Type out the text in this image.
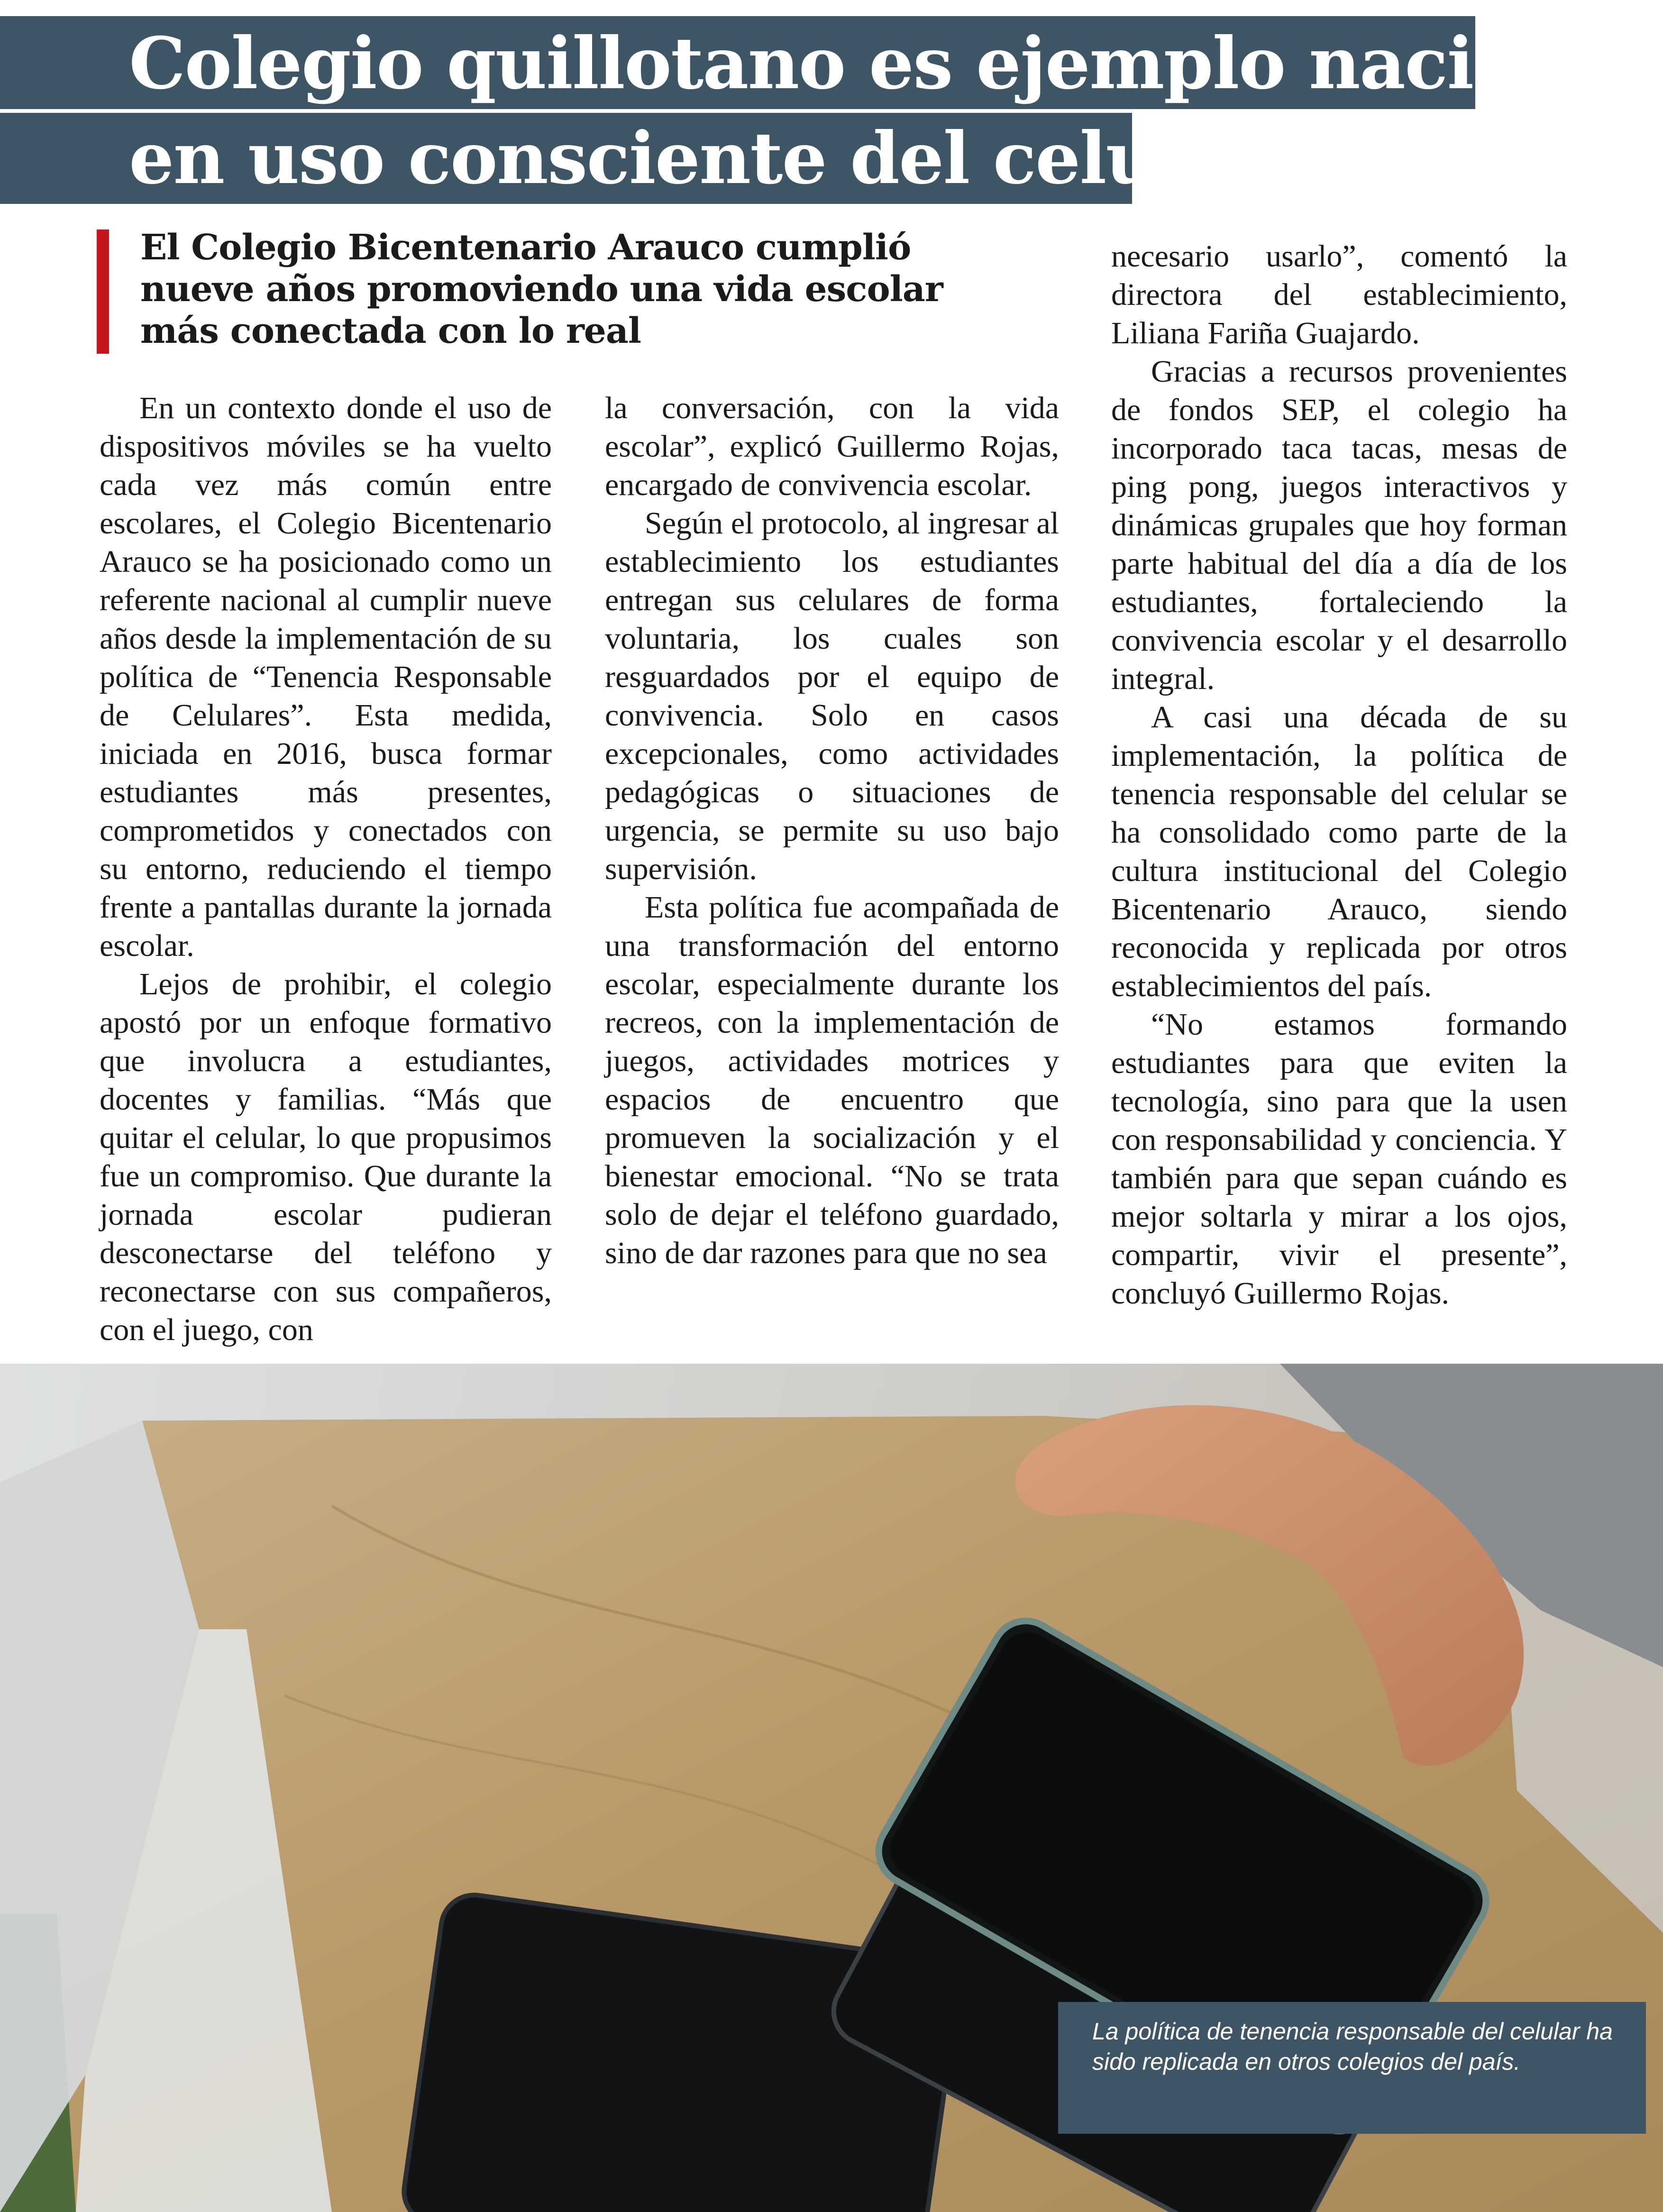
Colegio quillotano es ejemplo nacional
en uso consciente del celular
El Colegio Bicentenario Arauco cumplió nueve años promoviendo una vida escolar más conectada con lo real

En un contexto donde el uso de dispositivos móviles se ha vuelto cada vez más común entre escolares, el Colegio Bicentenario Arauco se ha posicionado como un referente nacional al cumplir nueve años desde la implementación de su política de “Tenencia Responsable de Celulares”. Esta medida, iniciada en 2016, busca formar estudiantes más presentes, comprometidos y conectados con su entorno, reduciendo el tiempo frente a pantallas durante la jornada escolar.

Lejos de prohibir, el colegio apostó por un enfoque formativo que involucra a estudiantes, docentes y familias. “Más que quitar el celular, lo que propusimos fue un compromiso. Que durante la jornada escolar pudieran desconectarse del teléfono y reconectarse con sus compañeros, con el juego, con

la conversación, con la vida escolar”, explicó Guillermo Rojas, encargado de convivencia escolar.

Según el protocolo, al ingresar al establecimiento los estudiantes entregan sus celulares de forma voluntaria, los cuales son resguardados por el equipo de convivencia. Solo en casos excepcionales, como actividades pedagógicas o situaciones de urgencia, se permite su uso bajo supervisión.

Esta política fue acompañada de una transformación del entorno escolar, especialmente durante los recreos, con la implementación de juegos, actividades motrices y espacios de encuentro que promueven la socialización y el bienestar emocional. “No se trata solo de dejar el teléfono guardado, sino de dar razones para que no sea

necesario usarlo”, comentó la directora del establecimiento, Liliana Fariña Guajardo.

Gracias a recursos provenientes de fondos SEP, el colegio ha incorporado taca tacas, mesas de ping pong, juegos interactivos y dinámicas grupales que hoy forman parte habitual del día a día de los estudiantes, fortaleciendo la convivencia escolar y el desarrollo integral.

A casi una década de su implementación, la política de tenencia responsable del celular se ha consolidado como parte de la cultura institucional del Colegio Bicentenario Arauco, siendo reconocida y replicada por otros establecimientos del país.

“No estamos formando estudiantes para que eviten la tecnología, sino para que la usen con responsabilidad y conciencia. Y también para que sepan cuándo es mejor soltarla y mirar a los ojos, compartir, vivir el presente”, concluyó Guillermo Rojas.

La política de tenencia responsable del celular ha sido replicada en otros colegios del país.
